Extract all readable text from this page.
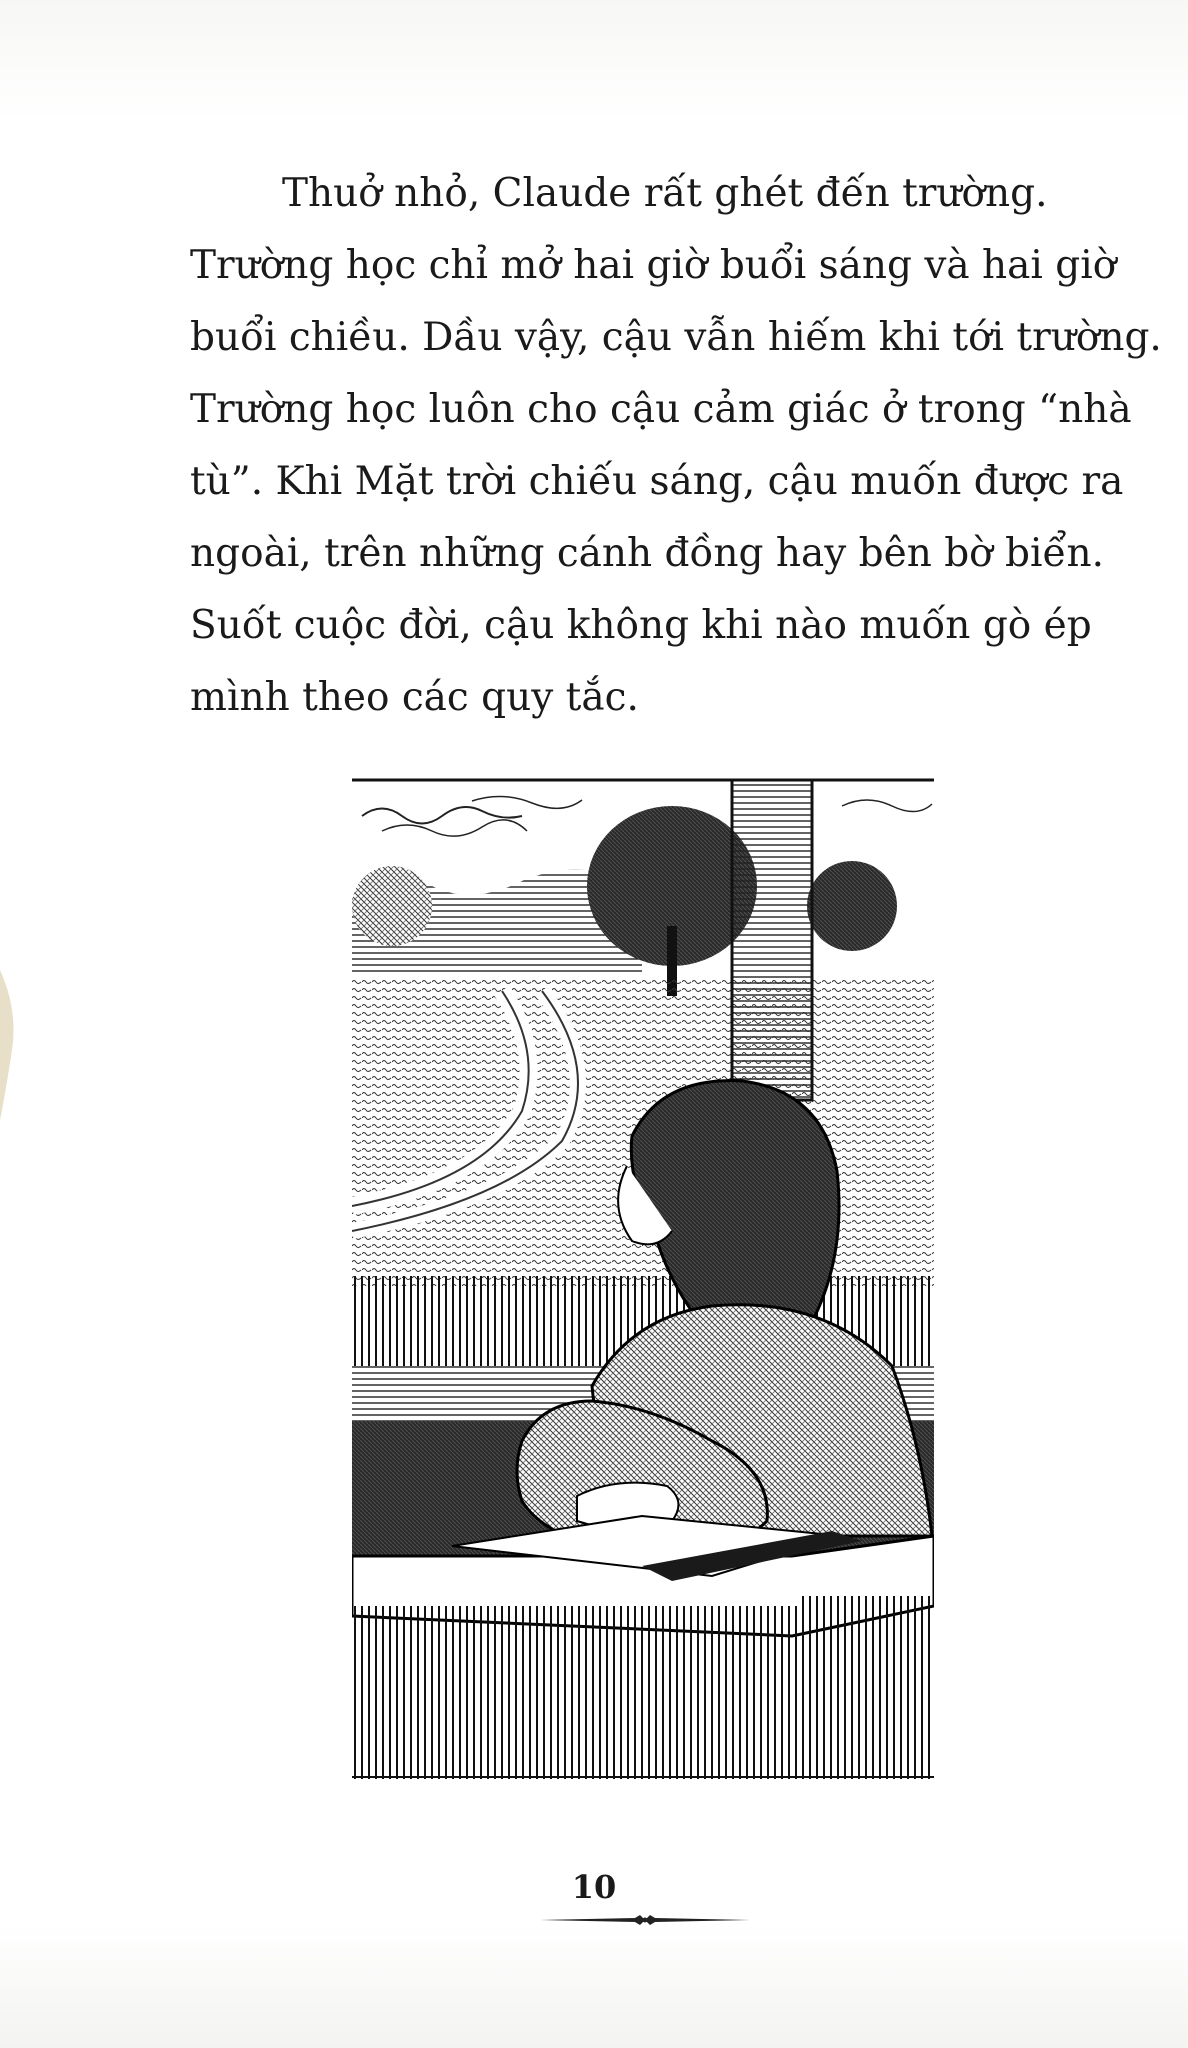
Thuở nhỏ, Claude rất ghét đến trường.
Trường học chỉ mở hai giờ buổi sáng và hai giờ
buổi chiều. Dầu vậy, cậu vẫn hiếm khi tới trường.
Trường học luôn cho cậu cảm giác ở trong “nhà
tù”. Khi Mặt trời chiếu sáng, cậu muốn được ra
ngoài, trên những cánh đồng hay bên bờ biển.
Suốt cuộc đời, cậu không khi nào muốn gò ép
mình theo các quy tắc.
10
